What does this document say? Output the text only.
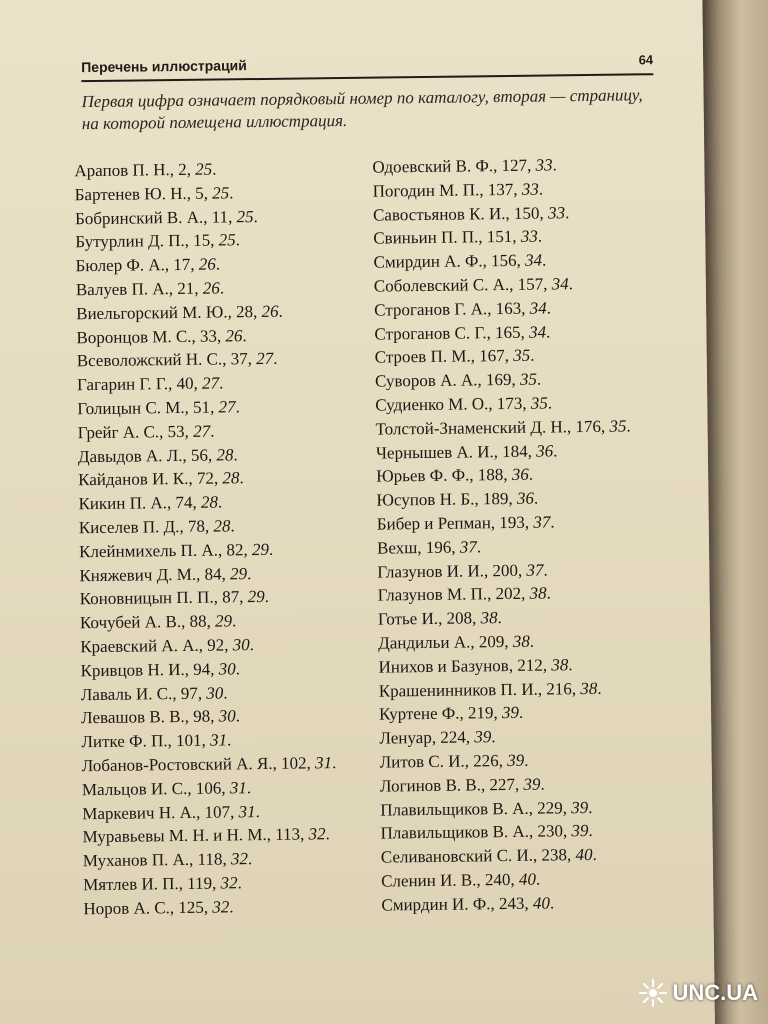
Перечень иллюстраций	64
Первая цифра означает порядковый номер по каталогу, вторая — страницу, на которой помещена иллюстрация.
Арапов П. Н., 2, 25.
Бартенев Ю. Н., 5, 25.
Бобринский В. А., 11, 25.
Бутурлин Д. П., 15, 25.
Бюлер Ф. А., 17, 26.
Валуев П. А., 21, 26.
Виельгорский М. Ю., 28, 26.
Воронцов М. С., 33, 26.
Всеволожский Н. С., 37, 27.
Гагарин Г. Г., 40, 27.
Голицын С. М., 51, 27.
Грейг А. С., 53, 27.
Давыдов А. Л., 56, 28.
Кайданов И. К., 72, 28.
Кикин П. А., 74, 28.
Киселев П. Д., 78, 28.
Клейнмихель П. А., 82, 29.
Княжевич Д. М., 84, 29.
Коновницын П. П., 87, 29.
Кочубей А. В., 88, 29.
Краевский А. А., 92, 30.
Кривцов Н. И., 94, 30.
Лаваль И. С., 97, 30.
Левашов В. В., 98, 30.
Литке Ф. П., 101, 31.
Лобанов-Ростовский А. Я., 102, 31.
Мальцов И. С., 106, 31.
Маркевич Н. А., 107, 31.
Муравьевы М. Н. и Н. М., 113, 32.
Муханов П. А., 118, 32.
Мятлев И. П., 119, 32.
Норов А. С., 125, 32.
Одоевский В. Ф., 127, 33.
Погодин М. П., 137, 33.
Савостьянов К. И., 150, 33.
Свиньин П. П., 151, 33.
Смирдин А. Ф., 156, 34.
Соболевский С. А., 157, 34.
Строганов Г. А., 163, 34.
Строганов С. Г., 165, 34.
Строев П. М., 167, 35.
Суворов А. А., 169, 35.
Судиенко М. О., 173, 35.
Толстой-Знаменский Д. Н., 176, 35.
Чернышев А. И., 184, 36.
Юрьев Ф. Ф., 188, 36.
Юсупов Н. Б., 189, 36.
Бибер и Репман, 193, 37.
Вехш, 196, 37.
Глазунов И. И., 200, 37.
Глазунов М. П., 202, 38.
Готье И., 208, 38.
Дандильи А., 209, 38.
Инихов и Базунов, 212, 38.
Крашенинников П. И., 216, 38.
Куртене Ф., 219, 39.
Ленуар, 224, 39.
Литов С. И., 226, 39.
Логинов В. В., 227, 39.
Плавильщиков В. А., 229, 39.
Плавильщиков В. А., 230, 39.
Селивановский С. И., 238, 40.
Сленин И. В., 240, 40.
Смирдин И. Ф., 243, 40.
UNC.UA
